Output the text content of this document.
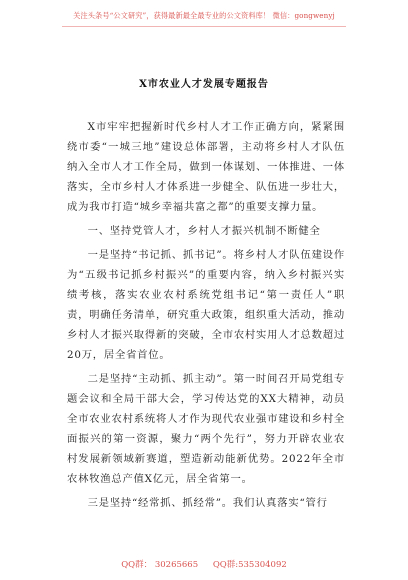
关注头条号“公文研究”，获得最新最全最专业的公文资料库！ 微信：gongwenyj
X市农业人才发展专题报告

X市牢牢把握新时代乡村人才工作正确方向，紧紧围绕市委“一城三地”建设总体部署，主动将乡村人才队伍纳入全市人才工作全局，做到一体谋划、一体推进、一体落实，全市乡村人才体系进一步健全、队伍进一步壮大，成为我市打造“城乡幸福共富之都”的重要支撑力量。

一、坚持党管人才，乡村人才振兴机制不断健全

一是坚持“书记抓、抓书记”。将乡村人才队伍建设作为“五级书记抓乡村振兴”的重要内容，纳入乡村振兴实绩考核，落实农业农村系统党组书记“第一责任人”职责，明确任务清单，研究重大政策，组织重大活动，推动乡村人才振兴取得新的突破，全市农村实用人才总数超过20万，居全省首位。

二是坚持“主动抓、抓主动”。第一时间召开局党组专题会议和全局干部大会，学习传达党的XX大精神，动员全市农业农村系统将人才作为现代农业强市建设和乡村全面振兴的第一资源，聚力“两个先行”，努力开辟农业农村发展新领域新赛道，塑造新动能新优势。2022年全市农林牧渔总产值X亿元，居全省第一。

三是坚持“经常抓、抓经常”。我们认真落实“管行

QQ群： 30265665 QQ群:535304092
